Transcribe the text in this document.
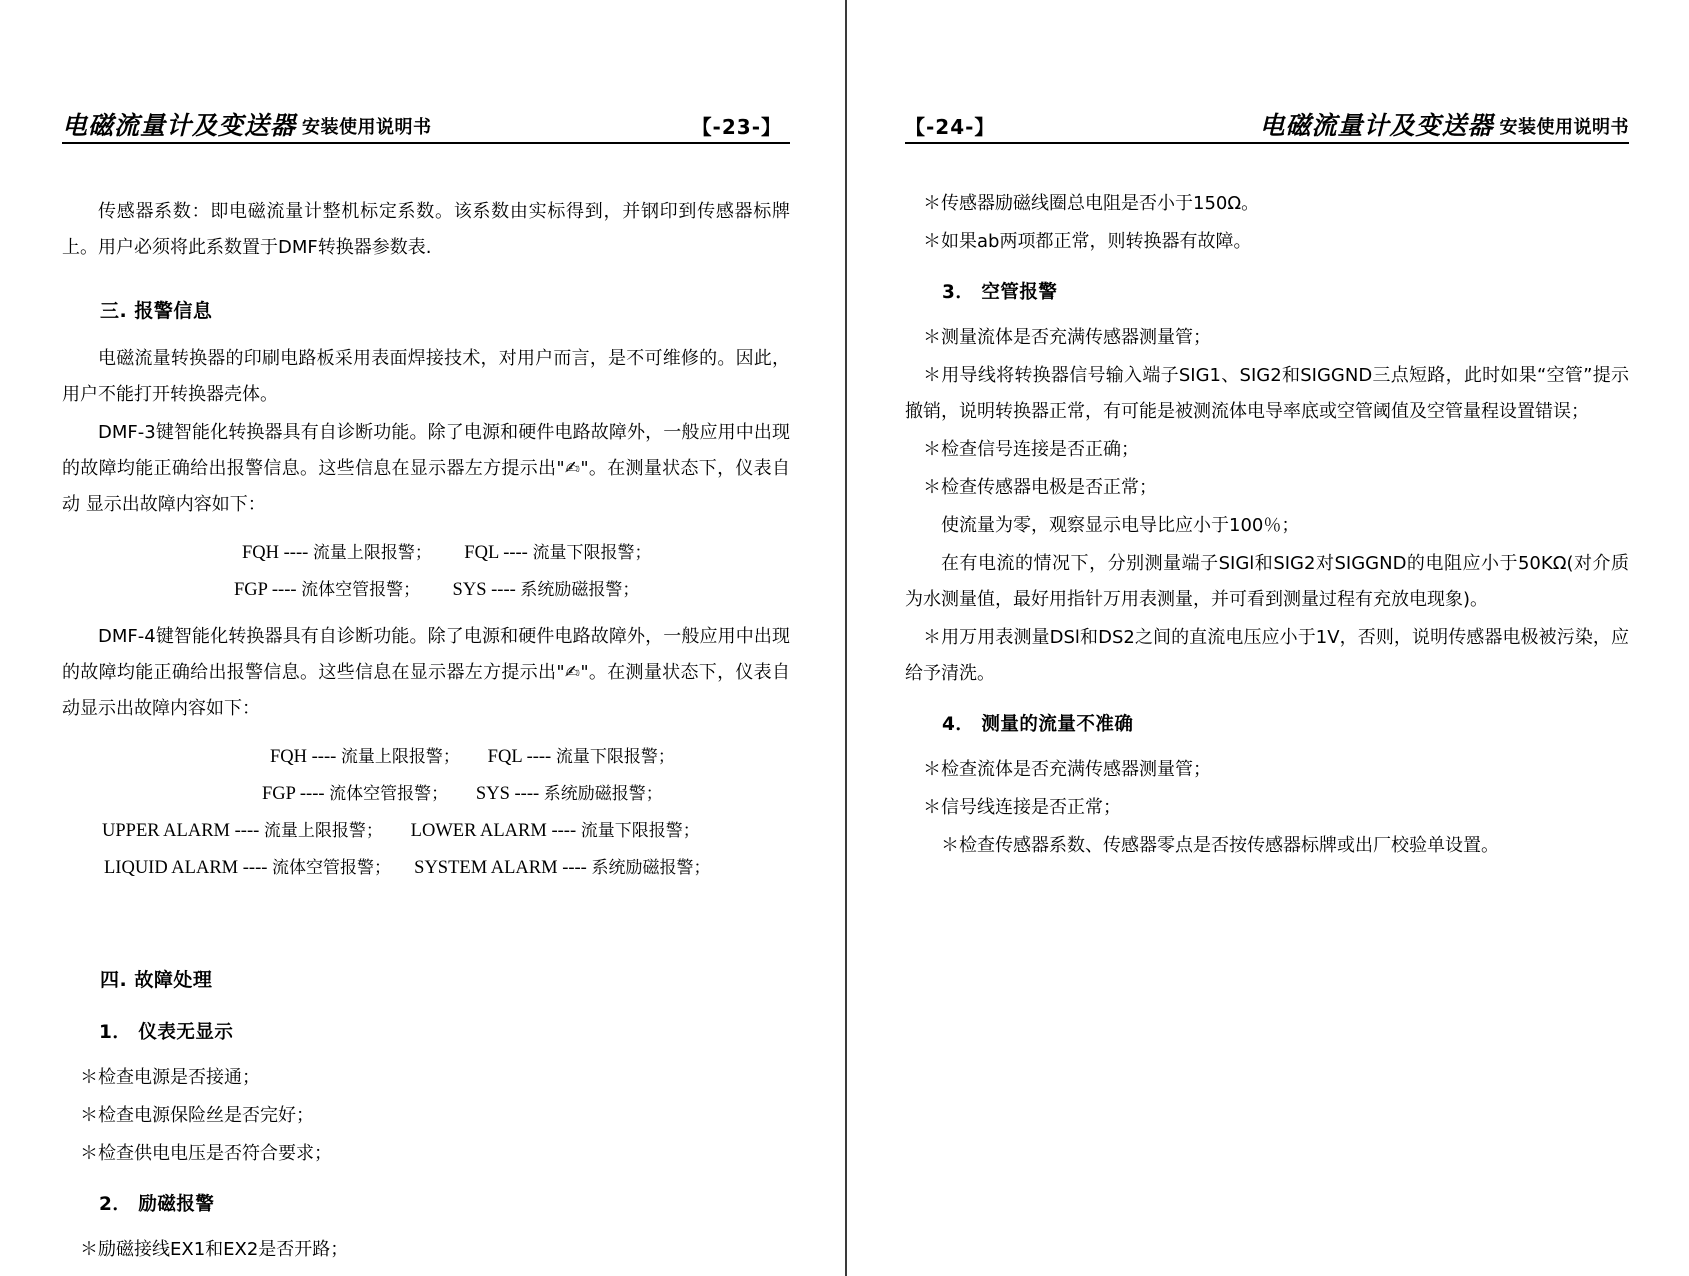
电磁流量计及变送器 安装使用说明书	【-23-】

传感器系数：即电磁流量计整机标定系数。该系数由实标得到，并钢印到传感器标牌上。用户必须将此系数置于DMF转换器参数表.

三. 报警信息

电磁流量转换器的印刷电路板采用表面焊接技术，对用户而言，是不可维修的。因此，用户不能打开转换器壳体。

DMF-3键智能化转换器具有自诊断功能。除了电源和硬件电路故障外，一般应用中出现的故障均能正确给出报警信息。这些信息在显示器左方提示出"✍"。在测量状态下，仪表自动 显示出故障内容如下：

FQH ---- 流量上限报警； FQL ---- 流量下限报警；
FGP ---- 流体空管报警； SYS ---- 系统励磁报警；

DMF-4键智能化转换器具有自诊断功能。除了电源和硬件电路故障外，一般应用中出现的故障均能正确给出报警信息。这些信息在显示器左方提示出"✍"。在测量状态下，仪表自动显示出故障内容如下：

FQH ---- 流量上限报警； FQL ---- 流量下限报警；
FGP ---- 流体空管报警； SYS ---- 系统励磁报警；
UPPER ALARM ---- 流量上限报警； LOWER ALARM ---- 流量下限报警；
LIQUID ALARM ---- 流体空管报警； SYSTEM ALARM ---- 系统励磁报警；
四. 故障处理
1． 仪表无显示

＊检查电源是否接通；

＊检查电源保险丝是否完好；

＊检查供电电压是否符合要求；

2． 励磁报警

＊励磁接线EX1和EX2是否开路；

【-24-】	电磁流量计及变送器 安装使用说明书

＊传感器励磁线圈总电阻是否小于150Ω。

＊如果ab两项都正常，则转换器有故障。

3． 空管报警

＊测量流体是否充满传感器测量管；

＊用导线将转换器信号输入端子SIG1、SIG2和SIGGND三点短路，此时如果“空管”提示撤销，说明转换器正常，有可能是被测流体电导率底或空管阈值及空管量程设置错误；

＊检查信号连接是否正确；

＊检查传感器电极是否正常；

使流量为零，观察显示电导比应小于100％；

在有电流的情况下，分别测量端子SIGl和SIG2对SIGGND的电阻应小于50KΩ(对介质为水测量值，最好用指针万用表测量，并可看到测量过程有充放电现象)。

＊用万用表测量DSl和DS2之间的直流电压应小于1V，否则，说明传感器电极被污染，应给予清洗。

4． 测量的流量不准确

＊检查流体是否充满传感器测量管；

＊信号线连接是否正常；

＊检查传感器系数、传感器零点是否按传感器标牌或出厂校验单设置。
